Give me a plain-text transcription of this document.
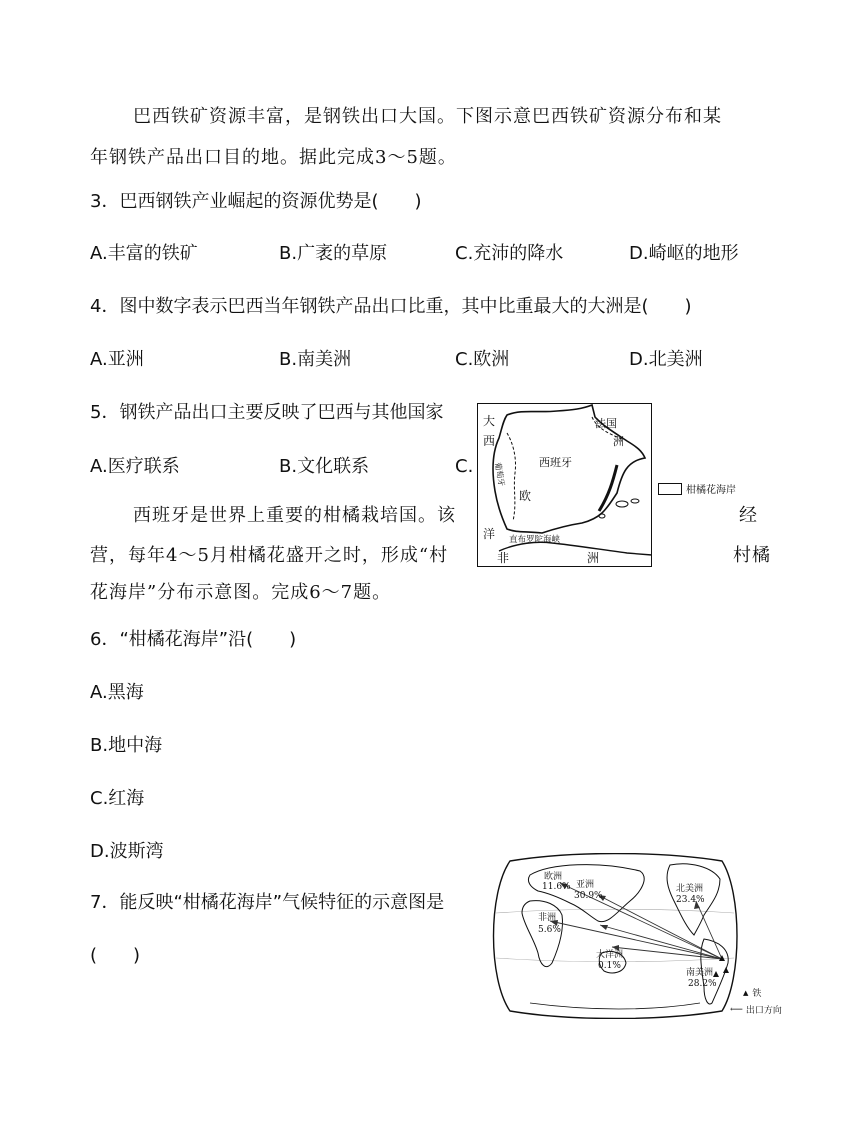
巴西铁矿资源丰富，是钢铁出口大国。下图示意巴西铁矿资源分布和某
年钢铁产品出口目的地。据此完成3～5题。
3．巴西钢铁产业崛起的资源优势是(　　)
A.丰富的铁矿	B.广袤的草原	C.充沛的降水	D.崎岖的地形
4．图中数字表示巴西当年钢铁产品出口比重，其中比重最大的大洲是(　　)
A.亚洲	B.南美洲	C.欧洲	D.北美洲
5．钢铁产品出口主要反映了巴西与其他国家
A.医疗联系	B.文化联系	C.
西班牙是世界上重要的柑橘栽培国。该	经
营，每年4～5月柑橘花盛开之时，形成“村	村橘
花海岸”分布示意图。完成6～7题。
大
西
洋
葡萄牙	西班牙
欧
法国
洲
直布罗陀海峡
非	洲
柑橘花海岸
6．“柑橘花海岸”沿(　　)
A.黑海
B.地中海
C.红海
D.波斯湾
7．能反映“柑橘花海岸”气候特征的示意图是
(　　)
欧洲
11.6% 亚洲
30.9%
北美洲
23.4%
非洲
5.6%
大洋洲
0.1%
南美洲
28.2%
▲ 铁
⟵ 出口方向
